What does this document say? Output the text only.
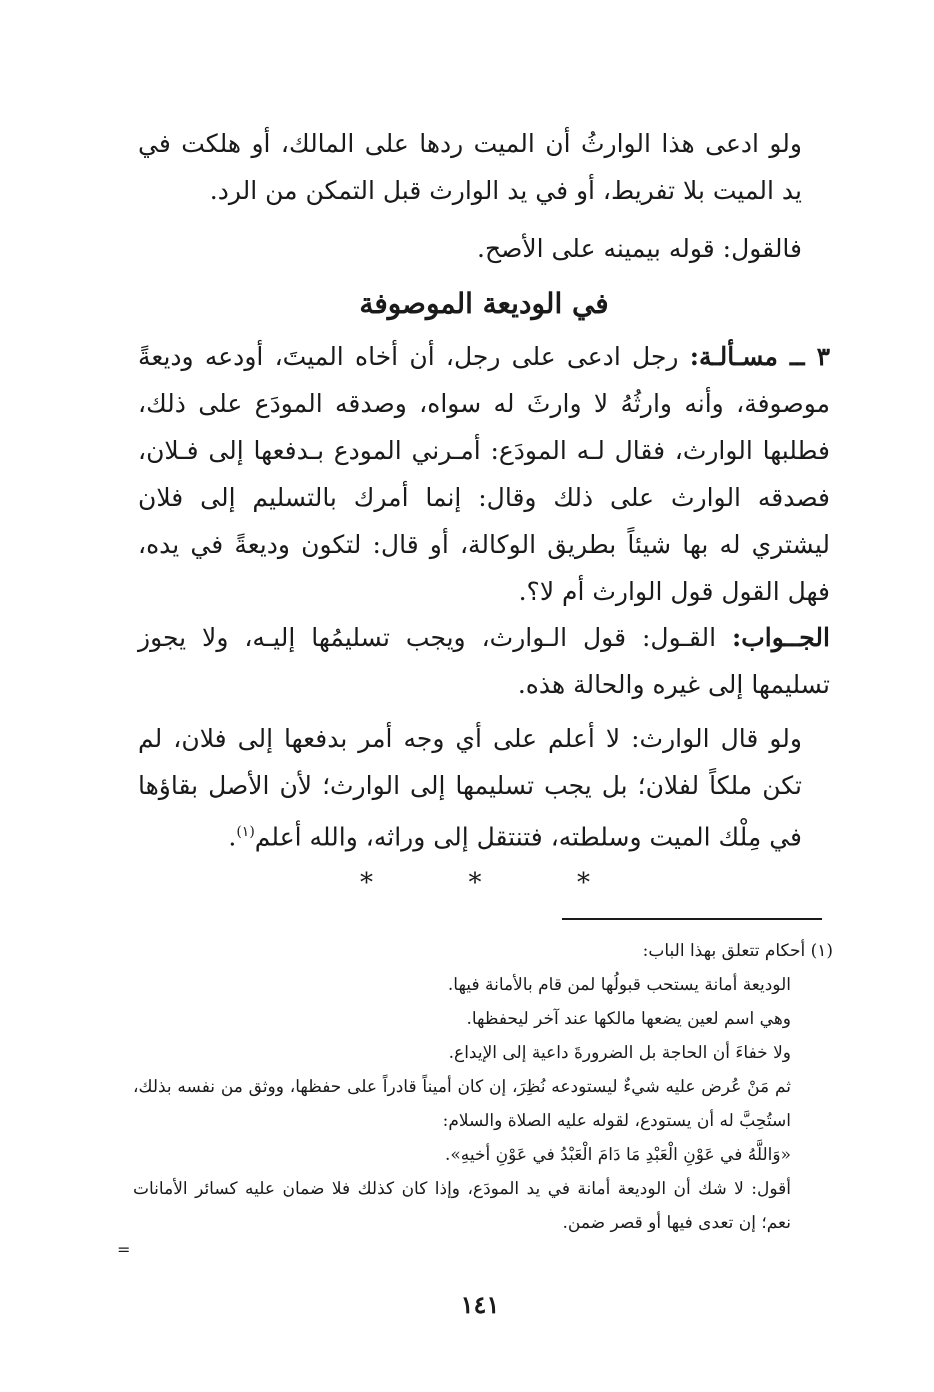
ولو ادعى هذا الوارثُ أن الميت ردها على المالك، أو هلكت في يد الميت بلا تفريط، أو في يد الوارث قبل التمكن من الرد.

فالقول: قوله بيمينه على الأصح.

في الوديعة الموصوفة

٣ ــ مسـألـة: رجل ادعى على رجل، أن أخاه الميتَ، أودعه وديعةً موصوفة، وأنه وارثُهُ لا وارثَ له سواه، وصدقه المودَع على ذلك، فطلبها الوارث، فقال لـه المودَع: أمـرني المودع بـدفعها إلى فـلان، فصدقه الوارث على ذلك وقال: إنما أمرك بالتسليم إلى فلان ليشتري له بها شيئاً بطريق الوكالة، أو قال: لتكون وديعةً في يده، فهل القول قول الوارث أم لا؟.

الجــواب: القـول: قول الـوارث، ويجب تسليمُها إليـه، ولا يجوز تسليمها إلى غيره والحالة هذه.

ولو قال الوارث: لا أعلم على أي وجه أمر بدفعها إلى فلان، لم تكن ملكاً لفلان؛ بل يجب تسليمها إلى الوارث؛ لأن الأصل بقاؤها في مِلْك الميت وسلطته، فتنتقل إلى وراثه، والله أعلم$^{(١)}$.

*
*
*

(١) أحكام تتعلق بهذا الباب:

الوديعة أمانة يستحب قبولُها لمن قام بالأمانة فيها.

وهي اسم لعين يضعها مالكها عند آخر ليحفظها.

ولا خفاءَ أن الحاجة بل الضرورةَ داعية إلى الإيداع.

ثم مَنْ عُرض عليه شيءٌ ليستودعه نُظِرَ، إن كان أميناً قادراً على حفظها، ووثق من نفسه بذلك، استُحِبَّ له أن يستودع، لقوله عليه الصلاة والسلام:

«وَاللَّهُ في عَوْنِ الْعَبْدِ مَا دَامَ الْعَبْدُ في عَوْنِ أخيهِ».

أقول: لا شك أن الوديعة أمانة في يد المودَع، وإذا كان كذلك فلا ضمان عليه كسائر الأمانات نعم؛ إن تعدى فيها أو قصر ضمن.

=
١٤١
